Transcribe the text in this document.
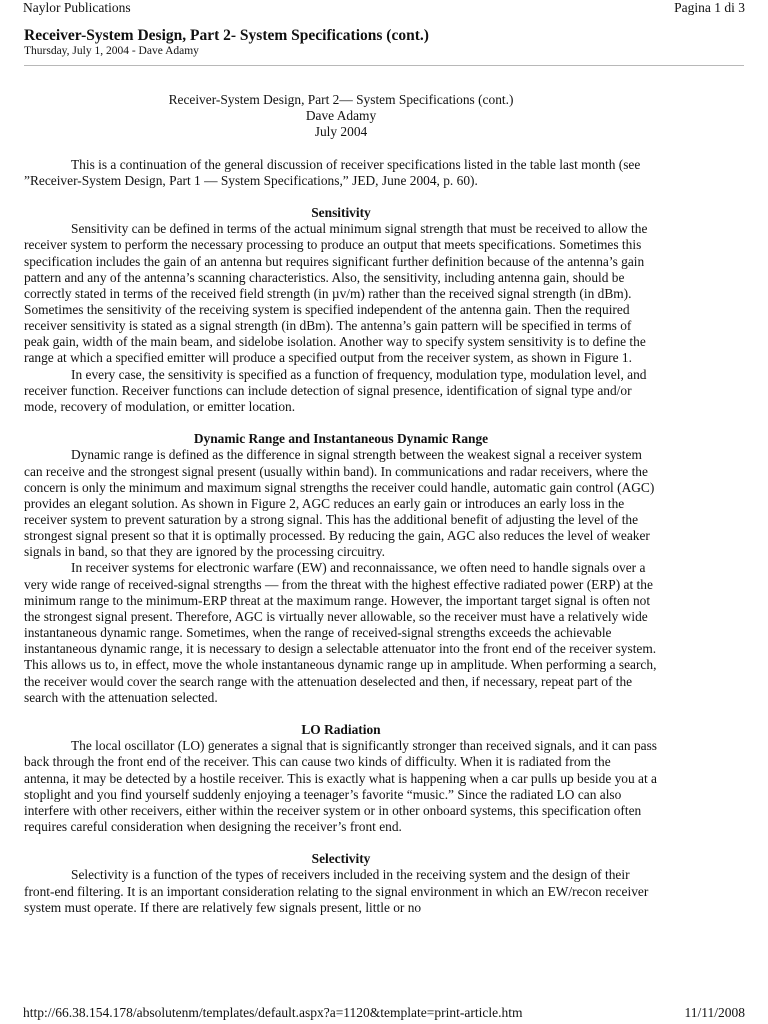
Naylor Publications	Pagina 1 di 3
Receiver-System Design, Part 2- System Specifications (cont.)
Thursday, July 1, 2004 - Dave Adamy

Receiver-System Design, Part 2— System Specifications (cont.)

Dave Adamy

July 2004

This is a continuation of the general discussion of receiver specifications listed in the table last month (see ”Receiver-System Design, Part 1 — System Specifications,” JED, June 2004, p. 60).

Sensitivity

Sensitivity can be defined in terms of the actual minimum signal strength that must be received to allow the receiver system to perform the necessary processing to produce an output that meets specifications. Sometimes this specification includes the gain of an antenna but requires significant further definition because of the antenna’s gain pattern and any of the antenna’s scanning characteristics. Also, the sensitivity, including antenna gain, should be correctly stated in terms of the received field strength (in µv/m) rather than the received signal strength (in dBm). Sometimes the sensitivity of the receiving system is specified independent of the antenna gain. Then the required receiver sensitivity is stated as a signal strength (in dBm). The antenna’s gain pattern will be specified in terms of peak gain, width of the main beam, and sidelobe isolation. Another way to specify system sensitivity is to define the range at which a specified emitter will produce a specified output from the receiver system, as shown in Figure 1.

In every case, the sensitivity is specified as a function of frequency, modulation type, modulation level, and receiver function. Receiver functions can include detection of signal presence, identification of signal type and/or mode, recovery of modulation, or emitter location.

Dynamic Range and Instantaneous Dynamic Range

Dynamic range is defined as the difference in signal strength between the weakest signal a receiver system can receive and the strongest signal present (usually within band). In communications and radar receivers, where the concern is only the minimum and maximum signal strengths the receiver could handle, automatic gain control (AGC) provides an elegant solution. As shown in Figure 2, AGC reduces an early gain or introduces an early loss in the receiver system to prevent saturation by a strong signal. This has the additional benefit of adjusting the level of the strongest signal present so that it is optimally processed. By reducing the gain, AGC also reduces the level of weaker signals in band, so that they are ignored by the processing circuitry.

In receiver systems for electronic warfare (EW) and reconnaissance, we often need to handle signals over a very wide range of received-signal strengths — from the threat with the highest effective radiated power (ERP) at the minimum range to the minimum-ERP threat at the maximum range. However, the important target signal is often not the strongest signal present. Therefore, AGC is virtually never allowable, so the receiver must have a relatively wide instantaneous dynamic range. Sometimes, when the range of received-signal strengths exceeds the achievable instantaneous dynamic range, it is necessary to design a selectable attenuator into the front end of the receiver system. This allows us to, in effect, move the whole instantaneous dynamic range up in amplitude. When performing a search, the receiver would cover the search range with the attenuation deselected and then, if necessary, repeat part of the search with the attenuation selected.

LO Radiation

The local oscillator (LO) generates a signal that is significantly stronger than received signals, and it can pass back through the front end of the receiver. This can cause two kinds of difficulty. When it is radiated from the antenna, it may be detected by a hostile receiver. This is exactly what is happening when a car pulls up beside you at a stoplight and you find yourself suddenly enjoying a teenager’s favorite “music.” Since the radiated LO can also interfere with other receivers, either within the receiver system or in other onboard systems, this specification often requires careful consideration when designing the receiver’s front end.

Selectivity

Selectivity is a function of the types of receivers included in the receiving system and the design of their front-end filtering. It is an important consideration relating to the signal environment in which an EW/recon receiver system must operate. If there are relatively few signals present, little or no

http://66.38.154.178/absolutenm/templates/default.aspx?a=1120&template=print-article.htm	11/11/2008
